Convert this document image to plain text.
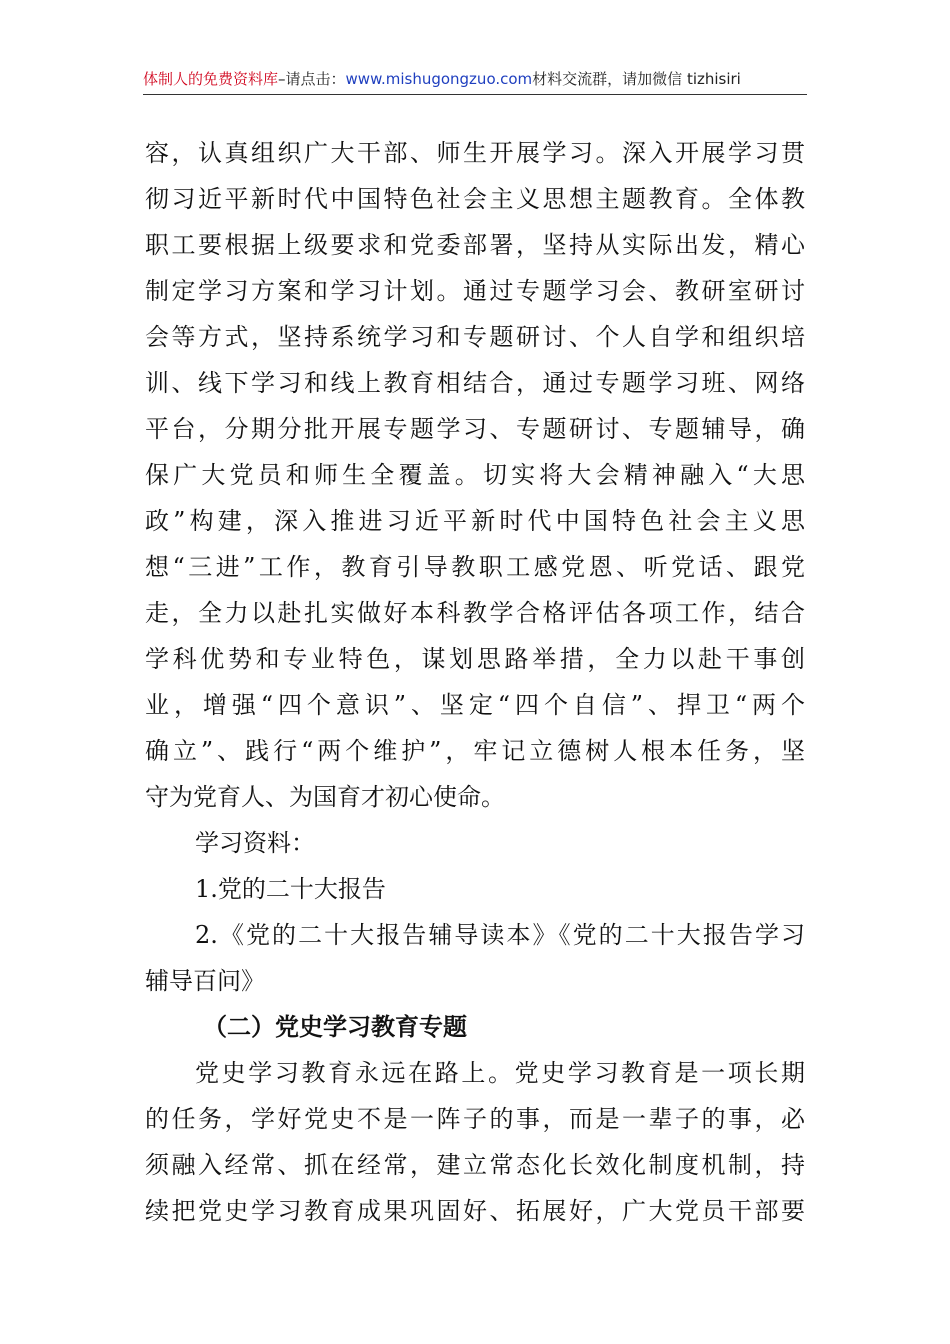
体制人的免费资料库–请点击：www.mishugongzuo.com材料交流群，请加微信 tizhisiri
容，认真组织广大干部、师生开展学习。深入开展学习贯
彻习近平新时代中国特色社会主义思想主题教育。全体教
职工要根据上级要求和党委部署，坚持从实际出发，精心
制定学习方案和学习计划。通过专题学习会、教研室研讨
会等方式，坚持系统学习和专题研讨、个人自学和组织培
训、线下学习和线上教育相结合，通过专题学习班、网络
平台，分期分批开展专题学习、专题研讨、专题辅导，确
保广大党员和师生全覆盖。切实将大会精神融入“大思
政”构建，深入推进习近平新时代中国特色社会主义思
想“三进”工作，教育引导教职工感党恩、听党话、跟党
走，全力以赴扎实做好本科教学合格评估各项工作，结合
学科优势和专业特色，谋划思路举措，全力以赴干事创
业，增强“四个意识”、坚定“四个自信”、捍卫“两个
确立”、践行“两个维护”，牢记立德树人根本任务，坚
守为党育人、为国育才初心使命。
学习资料：
1.党的二十大报告
2.《党的二十大报告辅导读本》《党的二十大报告学习
辅导百问》
（二）党史学习教育专题
党史学习教育永远在路上。党史学习教育是一项长期
的任务，学好党史不是一阵子的事，而是一辈子的事，必
须融入经常、抓在经常，建立常态化长效化制度机制，持
续把党史学习教育成果巩固好、拓展好，广大党员干部要
